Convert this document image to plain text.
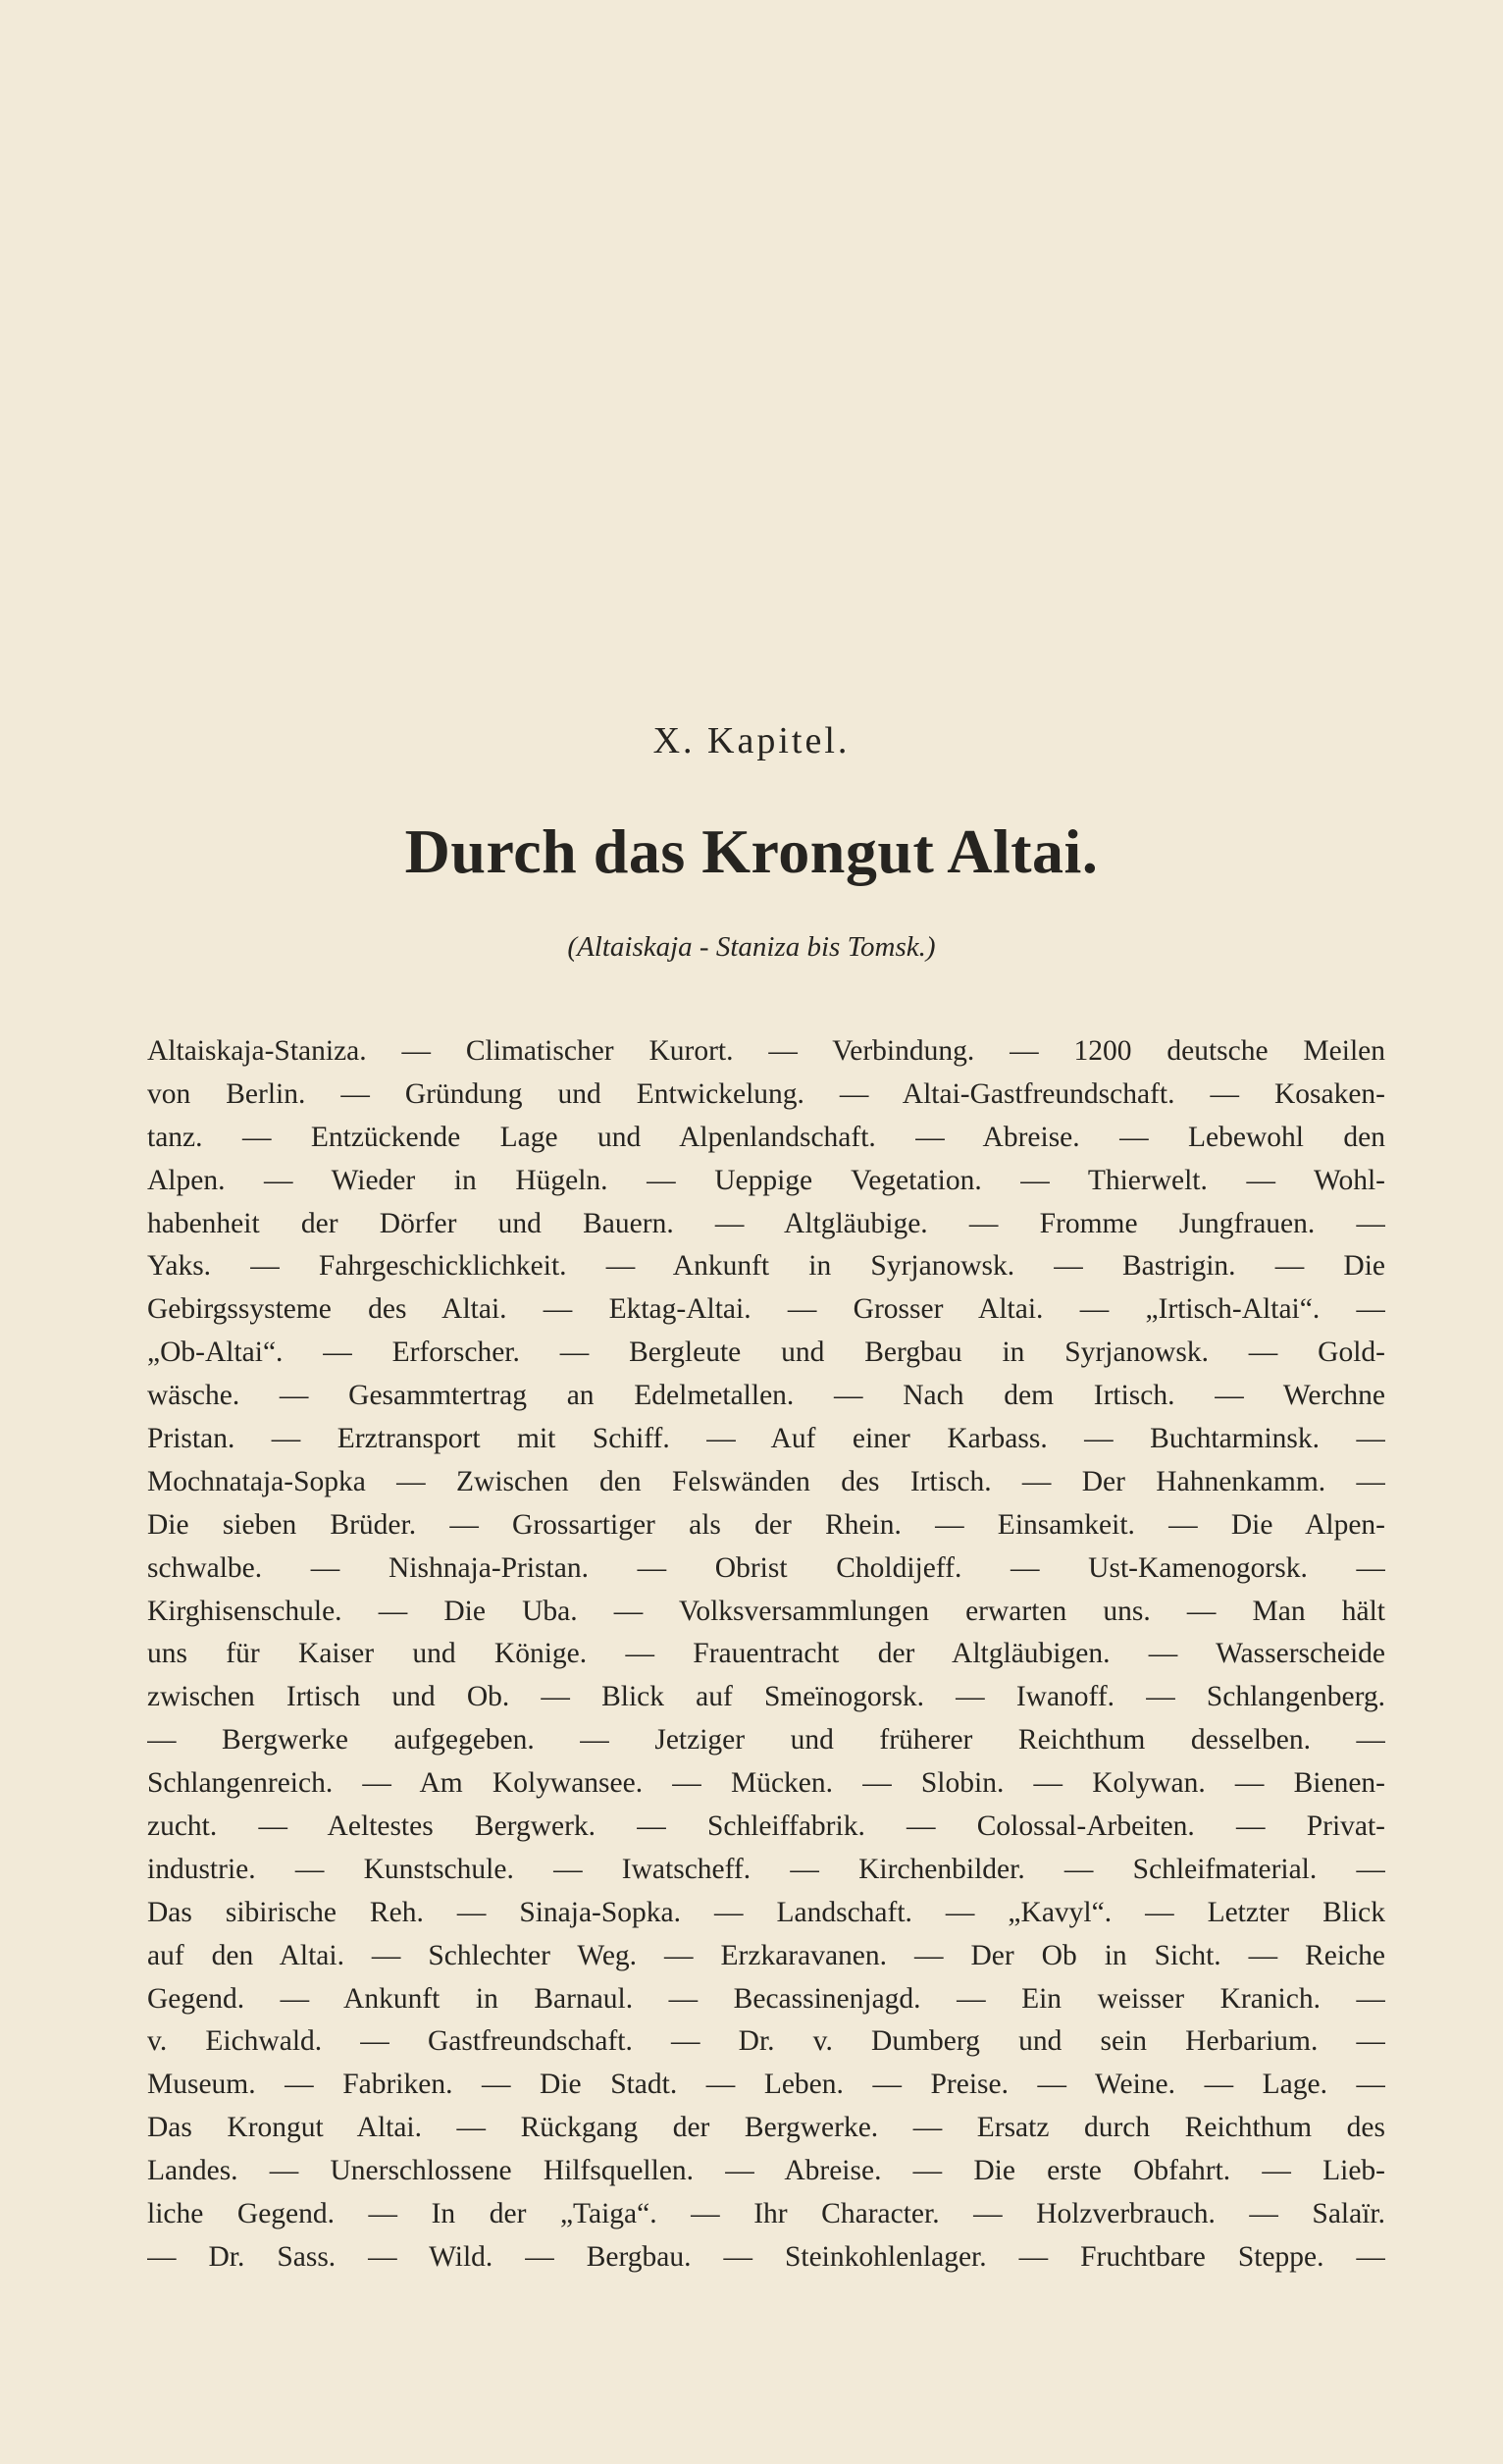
X. Kapitel.
Durch das Krongut Altai.
(Altaiskaja - Staniza bis Tomsk.)
Altaiskaja-Staniza. — Climatischer Kurort. — Verbindung. — 1200 deutsche Meilen
von Berlin. — Gründung und Entwickelung. — Altai-Gastfreundschaft. — Kosaken-
tanz. — Entzückende Lage und Alpenlandschaft. — Abreise. — Lebewohl den
Alpen. — Wieder in Hügeln. — Ueppige Vegetation. — Thierwelt. — Wohl-
habenheit der Dörfer und Bauern. — Altgläubige. — Fromme Jungfrauen. —
Yaks. — Fahrgeschicklichkeit. — Ankunft in Syrjanowsk. — Bastrigin. — Die
Gebirgssysteme des Altai. — Ektag-Altai. — Grosser Altai. — „Irtisch-Altai“. —
„Ob-Altai“. — Erforscher. — Bergleute und Bergbau in Syrjanowsk. — Gold-
wäsche. — Gesammtertrag an Edelmetallen. — Nach dem Irtisch. — Werchne
Pristan. — Erztransport mit Schiff. — Auf einer Karbass. — Buchtarminsk. —
Mochnataja-Sopka — Zwischen den Felswänden des Irtisch. — Der Hahnenkamm. —
Die sieben Brüder. — Grossartiger als der Rhein. — Einsamkeit. — Die Alpen-
schwalbe. — Nishnaja-Pristan. — Obrist Choldijeff. — Ust-Kamenogorsk. —
Kirghisenschule. — Die Uba. — Volksversammlungen erwarten uns. — Man hält
uns für Kaiser und Könige. — Frauentracht der Altgläubigen. — Wasserscheide
zwischen Irtisch und Ob. — Blick auf Smeïnogorsk. — Iwanoff. — Schlangenberg.
— Bergwerke aufgegeben. — Jetziger und früherer Reichthum desselben. —
Schlangenreich. — Am Kolywansee. — Mücken. — Slobin. — Kolywan. — Bienen-
zucht. — Aeltestes Bergwerk. — Schleiffabrik. — Colossal-Arbeiten. — Privat-
industrie. — Kunstschule. — Iwatscheff. — Kirchenbilder. — Schleifmaterial. —
Das sibirische Reh. — Sinaja-Sopka. — Landschaft. — „Kavyl“. — Letzter Blick
auf den Altai. — Schlechter Weg. — Erzkaravanen. — Der Ob in Sicht. — Reiche
Gegend. — Ankunft in Barnaul. — Becassinenjagd. — Ein weisser Kranich. —
v. Eichwald. — Gastfreundschaft. — Dr. v. Dumberg und sein Herbarium. —
Museum. — Fabriken. — Die Stadt. — Leben. — Preise. — Weine. — Lage. —
Das Krongut Altai. — Rückgang der Bergwerke. — Ersatz durch Reichthum des
Landes. — Unerschlossene Hilfsquellen. — Abreise. — Die erste Obfahrt. — Lieb-
liche Gegend. — In der „Taiga“. — Ihr Character. — Holzverbrauch. — Salaïr.
— Dr. Sass. — Wild. — Bergbau. — Steinkohlenlager. — Fruchtbare Steppe. —
